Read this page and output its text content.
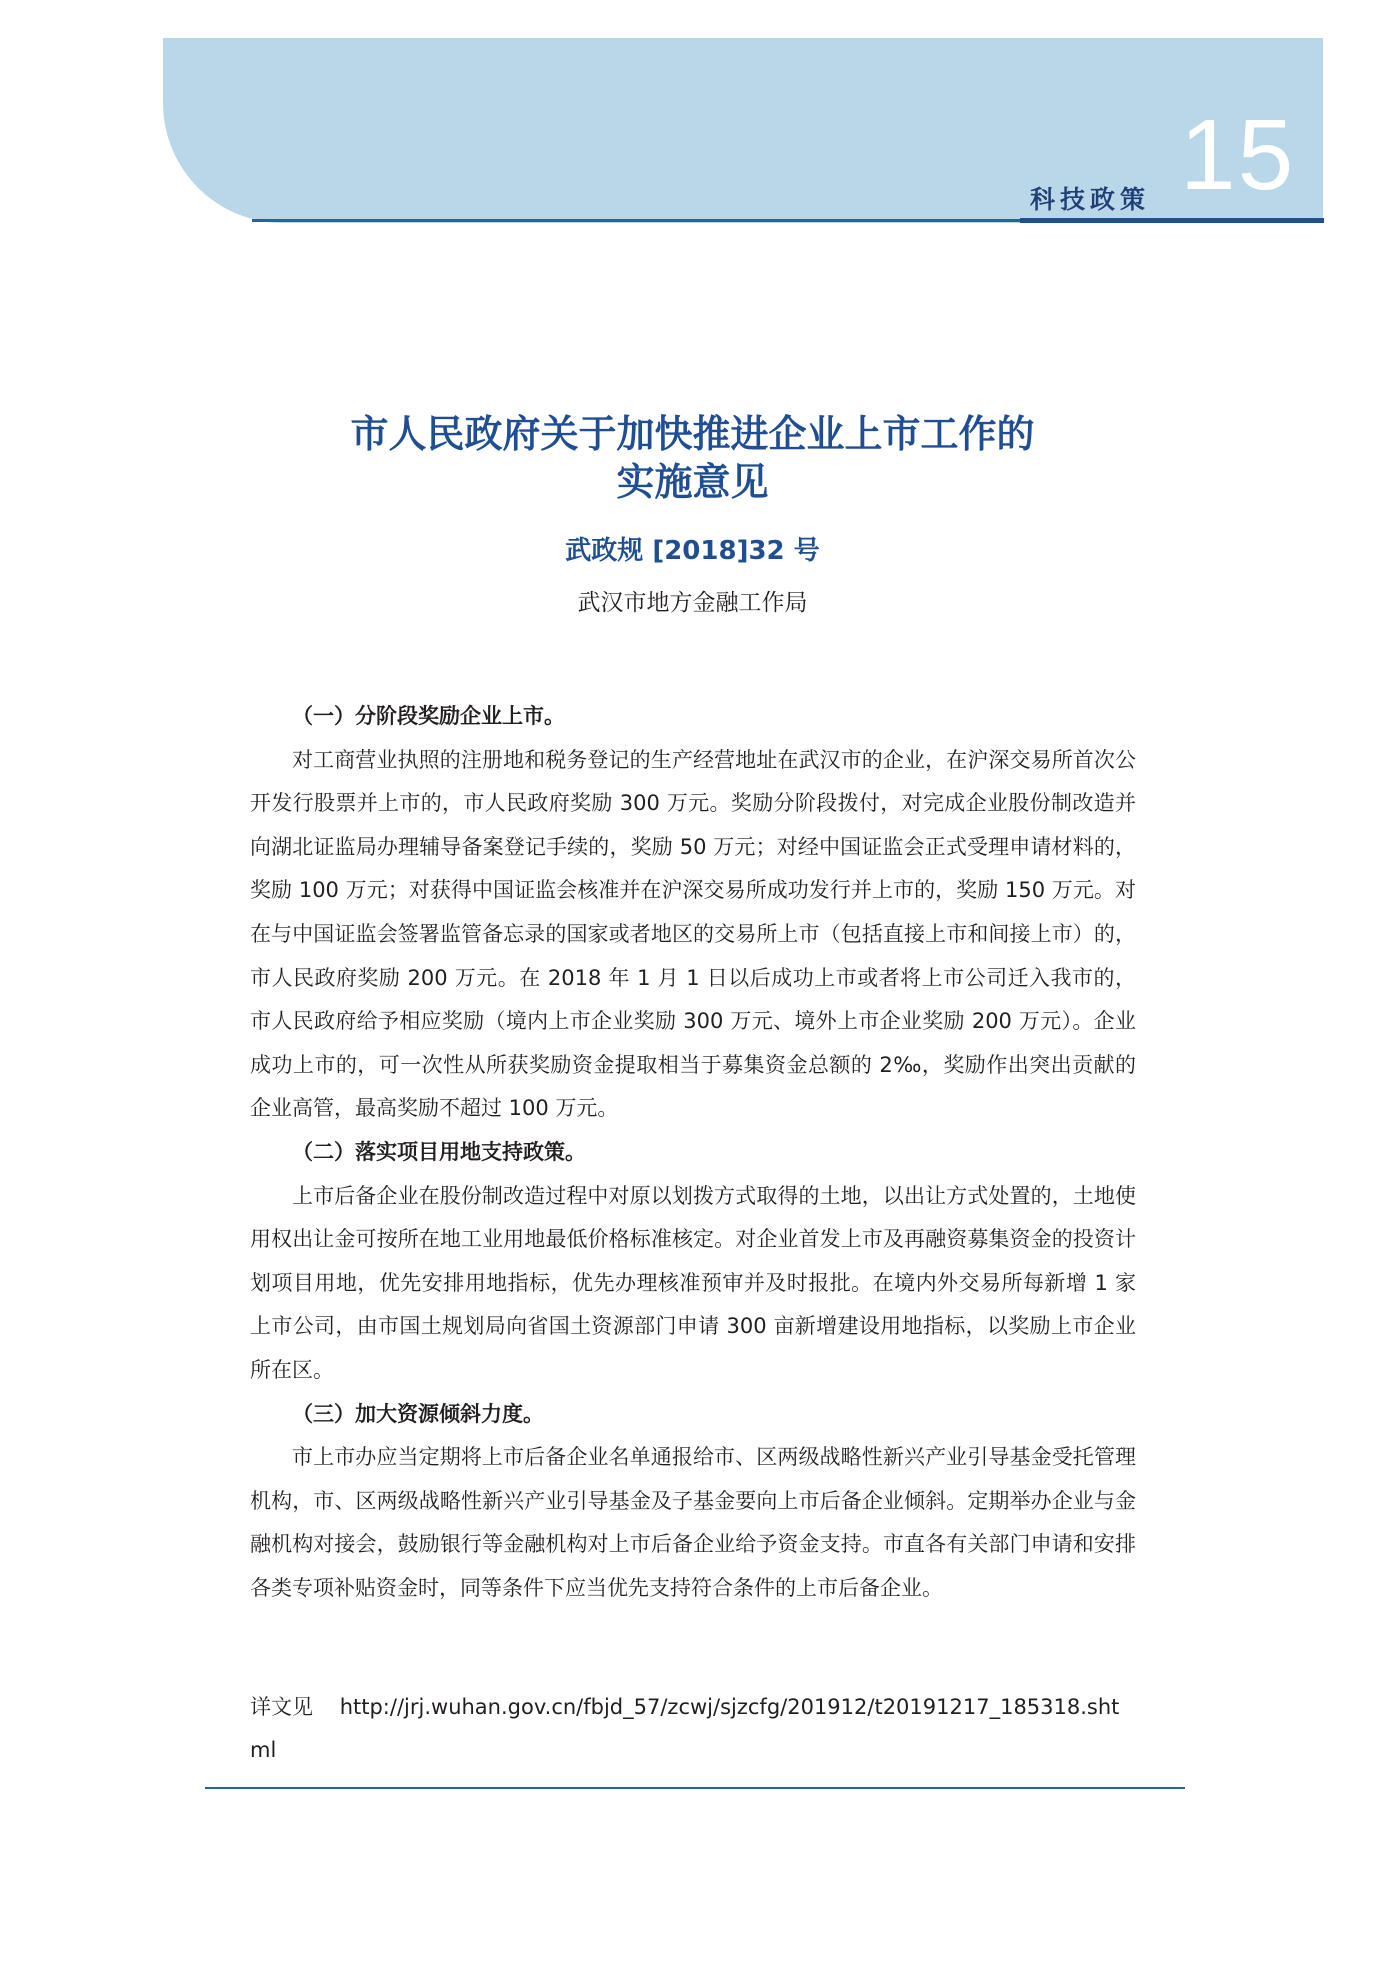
科技政策 15
市人民政府关于加快推进企业上市工作的
实施意见
武政规 [2018]32 号
武汉市地方金融工作局

（一）分阶段奖励企业上市。

对工商营业执照的注册地和税务登记的生产经营地址在武汉市的企业，在沪深交易所首次公开发行股票并上市的，市人民政府奖励 300 万元。奖励分阶段拨付，对完成企业股份制改造并向湖北证监局办理辅导备案登记手续的，奖励 50 万元；对经中国证监会正式受理申请材料的，奖励 100 万元；对获得中国证监会核准并在沪深交易所成功发行并上市的，奖励 150 万元。对在与中国证监会签署监管备忘录的国家或者地区的交易所上市（包括直接上市和间接上市）的，市人民政府奖励 200 万元。在 2018 年 1 月 1 日以后成功上市或者将上市公司迁入我市的，市人民政府给予相应奖励（境内上市企业奖励 300 万元、境外上市企业奖励 200 万元）。企业成功上市的，可一次性从所获奖励资金提取相当于募集资金总额的 2‰，奖励作出突出贡献的企业高管，最高奖励不超过 100 万元。

（二）落实项目用地支持政策。

上市后备企业在股份制改造过程中对原以划拨方式取得的土地，以出让方式处置的，土地使用权出让金可按所在地工业用地最低价格标准核定。对企业首发上市及再融资募集资金的投资计划项目用地，优先安排用地指标，优先办理核准预审并及时报批。在境内外交易所每新增 1 家上市公司，由市国土规划局向省国土资源部门申请 300 亩新增建设用地指标，以奖励上市企业所在区。

（三）加大资源倾斜力度。

市上市办应当定期将上市后备企业名单通报给市、区两级战略性新兴产业引导基金受托管理机构，市、区两级战略性新兴产业引导基金及子基金要向上市后备企业倾斜。定期举办企业与金融机构对接会，鼓励银行等金融机构对上市后备企业给予资金支持。市直各有关部门申请和安排各类专项补贴资金时，同等条件下应当优先支持符合条件的上市后备企业。

详文见 http://jrj.wuhan.gov.cn/fbjd_57/zcwj/sjzcfg/201912/t20191217_185318.shtml
